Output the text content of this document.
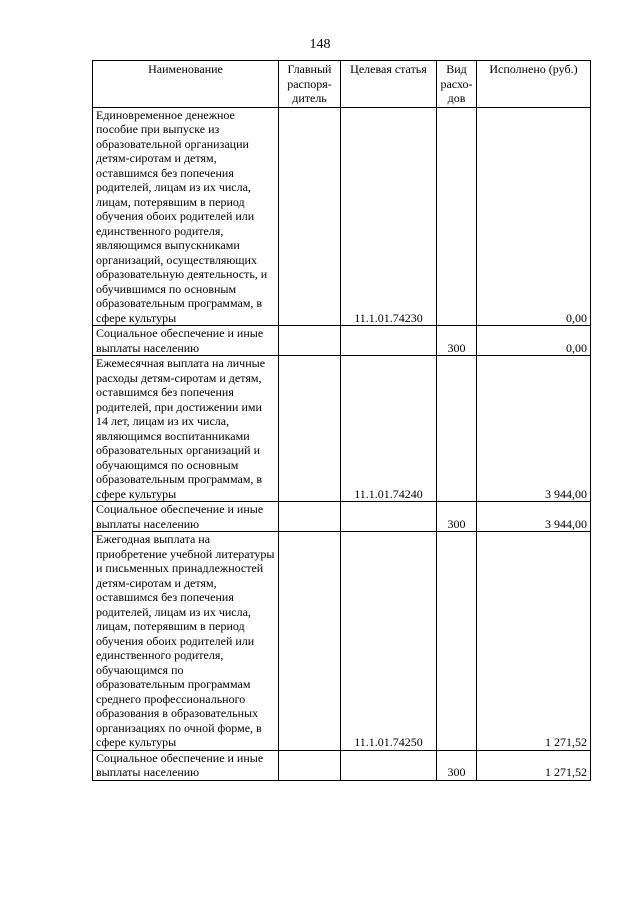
148
Наименование	Главный распоря-дитель	Целевая статья	Вид расхо-дов	Исполнено (руб.)
Единовременное денежное пособие при выпуске из образовательной организации детям-сиротам и детям, оставшимся без попечения родителей, лицам из их числа, лицам, потерявшим в период обучения обоих родителей или единственного родителя, являющимся выпускниками организаций, осуществляющих образовательную деятельность, и обучившимся по основным образовательным программам, в сфере культуры		11.1.01.74230		0,00
Социальное обеспечение и иные выплаты населению			300	0,00
Ежемесячная выплата на личные расходы детям-сиротам и детям, оставшимся без попечения родителей, при достижении ими 14 лет, лицам из их числа, являющимся воспитанниками образовательных организаций и обучающимся по основным образовательным программам, в сфере культуры		11.1.01.74240		3 944,00
Социальное обеспечение и иные выплаты населению			300	3 944,00
Ежегодная выплата на приобретение учебной литературы и письменных принадлежностей детям-сиротам и детям, оставшимся без попечения родителей, лицам из их числа, лицам, потерявшим в период обучения обоих родителей или единственного родителя, обучающимся по образовательным программам среднего профессионального образования в образовательных организациях по очной форме, в сфере культуры		11.1.01.74250		1 271,52
Социальное обеспечение и иные выплаты населению			300	1 271,52
